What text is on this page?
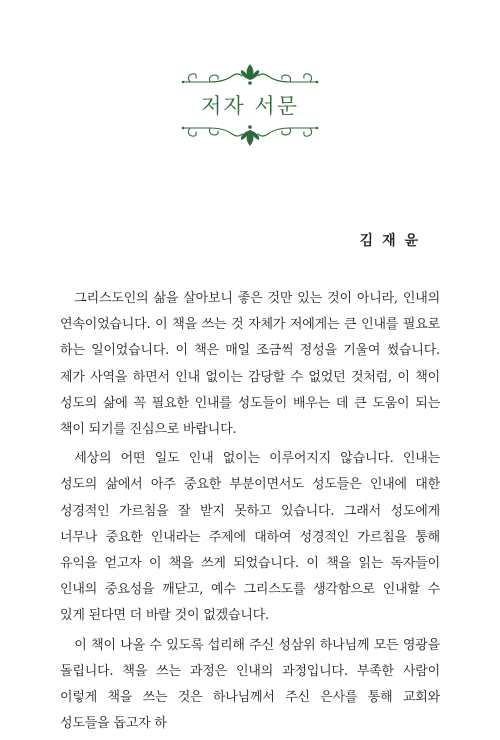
저자 서문
김 재 윤

그리스도인의 삶을 살아보니 좋은 것만 있는 것이 아니라, 인내의 연속이었습니다. 이 책을 쓰는 것 자체가 저에게는 큰 인내를 필요로 하는 일이었습니다. 이 책은 매일 조금씩 정성을 기울여 썼습니다. 제가 사역을 하면서 인내 없이는 감당할 수 없었던 것처럼, 이 책이 성도의 삶에 꼭 필요한 인내를 성도들이 배우는 데 큰 도움이 되는 책이 되기를 진심으로 바랍니다.

세상의 어떤 일도 인내 없이는 이루어지지 않습니다. 인내는 성도의 삶에서 아주 중요한 부분이면서도 성도들은 인내에 대한 성경적인 가르침을 잘 받지 못하고 있습니다. 그래서 성도에게 너무나 중요한 인내라는 주제에 대하여 성경적인 가르침을 통해 유익을 얻고자 이 책을 쓰게 되었습니다. 이 책을 읽는 독자들이 인내의 중요성을 깨닫고, 예수 그리스도를 생각함으로 인내할 수 있게 된다면 더 바랄 것이 없겠습니다.

이 책이 나올 수 있도록 섭리해 주신 성삼위 하나님께 모든 영광을 돌립니다. 책을 쓰는 과정은 인내의 과정입니다. 부족한 사람이 이렇게 책을 쓰는 것은 하나님께서 주신 은사를 통해 교회와 성도들을 돕고자 하
